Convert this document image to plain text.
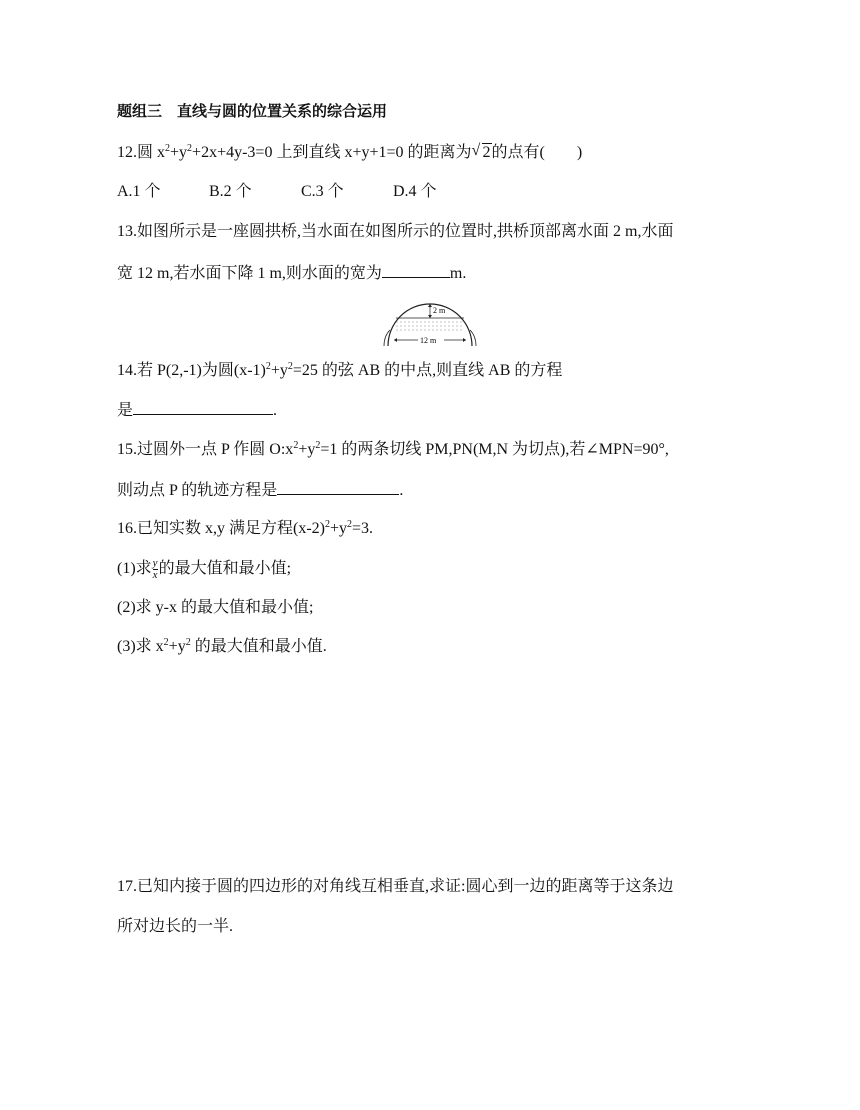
题组三　直线与圆的位置关系的综合运用
12.圆 $x^2+y^2+2x+4y-3=0$ 上到直线 x+y+1=0 的距离为 √ 2的点有(　　)
A.1 个	B.2 个	C.3 个	D.4 个
13.如图所示是一座圆拱桥,当水面在如图所示的位置时,拱桥顶部离水面 2 m,水面
宽 12 m,若水面下降 1 m,则水面的宽为	m.
2 m
12 m
14.若 P(2,-1)为圆$(x-1)^2+y^2=25$ 的弦 AB 的中点,则直线 AB 的方程
是	.
15.过圆外一点 P 作圆 $O:x^2+y^2=1$ 的两条切线 PM,PN(M,N 为切点),若∠MPN=90°,
则动点 P 的轨迹方程是	.
16.已知实数 x,y 满足方程$(x-2)^2+y^2=3$.
(1)求 $\frac{y}{x}$ 的最大值和最小值;
(2)求 y-x 的最大值和最小值;
(3)求 $x^2+y^2$ 的最大值和最小值.
17.已知内接于圆的四边形的对角线互相垂直,求证:圆心到一边的距离等于这条边
所对边长的一半.
